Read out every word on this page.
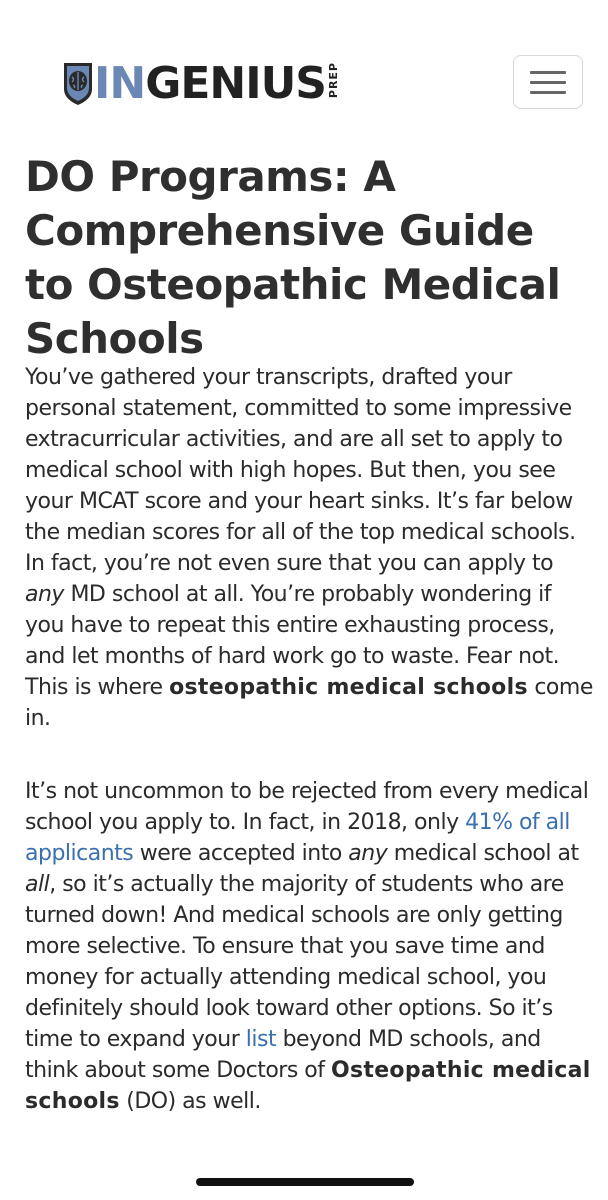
IN GENIUS PREP
DO Programs: A Comprehensive Guide to Osteopathic Medical Schools

You’ve gathered your transcripts, drafted your personal statement, committed to some impressive extracurricular activities, and are all set to apply to medical school with high hopes. But then, you see your MCAT score and your heart sinks. It’s far below the median scores for all of the top medical schools. In fact, you’re not even sure that you can apply to any MD school at all. You’re probably wondering if you have to repeat this entire exhausting process, and let months of hard work go to waste. Fear not. This is where osteopathic medical schools come in.

It’s not uncommon to be rejected from every medical school you apply to. In fact, in 2018, only 41% of all applicants were accepted into any medical school at all, so it’s actually the majority of students who are turned down! And medical schools are only getting more selective. To ensure that you save time and money for actually attending medical school, you definitely should look toward other options. So it’s time to expand your list beyond MD schools, and think about some Doctors of Osteopathic medical schools (DO) as well.
